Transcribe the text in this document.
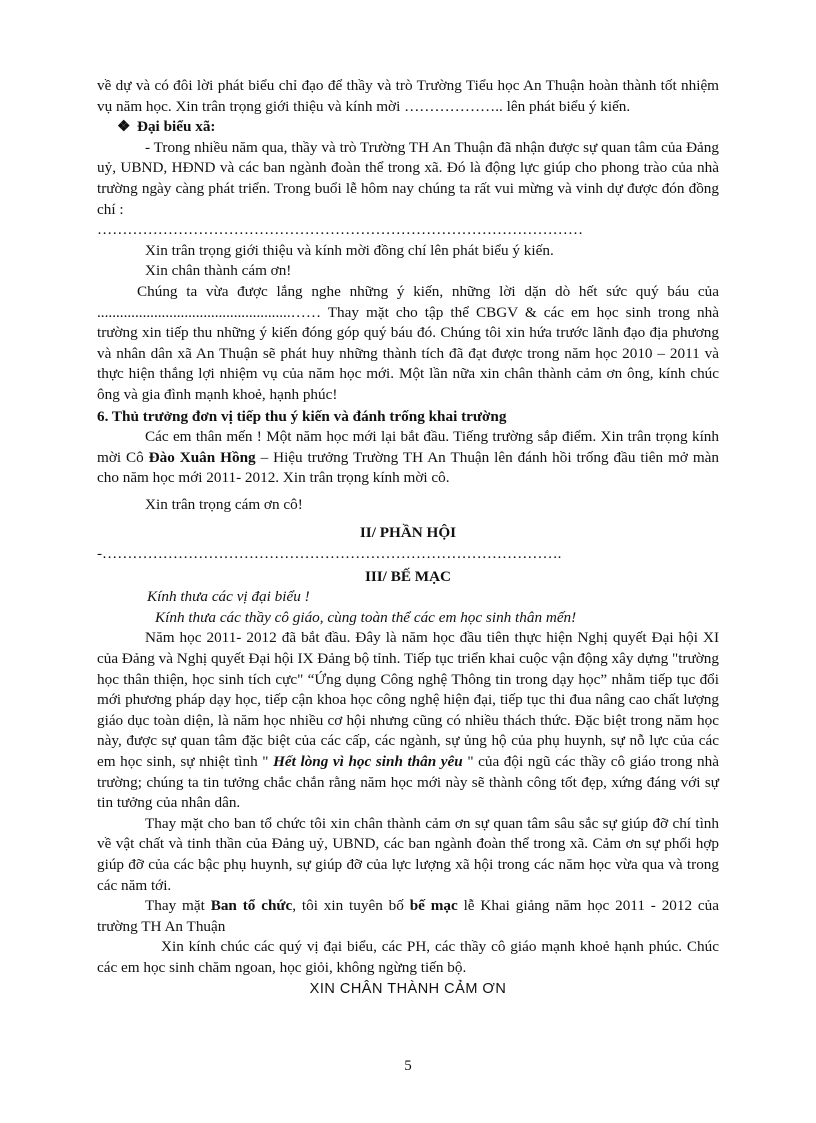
về dự và có đôi lời phát biểu chỉ đạo để thầy và trò Trường Tiểu học An Thuận hoàn thành tốt nhiệm vụ năm học. Xin trân trọng giới thiệu và kính mời ……………….. lên phát biểu ý kiến.

❖ Đại biểu xã:

- Trong nhiều năm qua, thầy và trò Trường TH An Thuận đã nhận được sự quan tâm của Đảng uỷ, UBND, HĐND và các ban ngành đoàn thể trong xã. Đó là động lực giúp cho phong trào của nhà trường ngày càng phát triển. Trong buổi lễ hôm nay chúng ta rất vui mừng và vinh dự được đón đồng chí :

……………………………………………………………………………………

Xin trân trọng giới thiệu và kính mời đồng chí lên phát biểu ý kiến.

Xin chân thành cám ơn!

Chúng ta vừa được lắng nghe những ý kiến, những lời dặn dò hết sức quý báu của ...................................................…… Thay mặt cho tập thể CBGV & các em học sinh trong nhà trường xin tiếp thu những ý kiến đóng góp quý báu đó. Chúng tôi xin hứa trước lãnh đạo địa phương và nhân dân xã An Thuận sẽ phát huy những thành tích đã đạt được trong năm học 2010 – 2011 và thực hiện thắng lợi nhiệm vụ của năm học mới. Một lần nữa xin chân thành cảm ơn ông, kính chúc ông và gia đình mạnh khoẻ, hạnh phúc!

6. Thủ trưởng đơn vị tiếp thu ý kiến và đánh trống khai trường

Các em thân mến ! Một năm học mới lại bắt đầu. Tiếng trường sắp điểm. Xin trân trọng kính mời Cô Đào Xuân Hồng – Hiệu trưởng Trường TH An Thuận lên đánh hồi trống đầu tiên mở màn cho năm học mới 2011- 2012. Xin trân trọng kính mời cô.

Xin trân trọng cám ơn cô!

II/ PHẦN HỘI

-……………………………………………………………………………….

III/ BẾ MẠC

Kính thưa các vị đại biểu !

Kính thưa các thầy cô giáo, cùng toàn thể các em học sinh thân mến!

Năm học 2011- 2012 đã bắt đầu. Đây là năm học đầu tiên thực hiện Nghị quyết Đại hội XI của Đảng và Nghị quyết Đại hội IX Đảng bộ tỉnh. Tiếp tục triển khai cuộc vận động xây dựng "trường học thân thiện, học sinh tích cực" “Ứng dụng Công nghệ Thông tin trong dạy học” nhằm tiếp tục đổi mới phương pháp dạy học, tiếp cận khoa học công nghệ hiện đại, tiếp tục thi đua nâng cao chất lượng giáo dục toàn diện, là năm học nhiều cơ hội nhưng cũng có nhiều thách thức. Đặc biệt trong năm học này, được sự quan tâm đặc biệt của các cấp, các ngành, sự ủng hộ của phụ huynh, sự nỗ lực của các em học sinh, sự nhiệt tình " Hết lòng vì học sinh thân yêu " của đội ngũ các thầy cô giáo trong nhà trường; chúng ta tin tưởng chắc chắn rằng năm học mới này sẽ thành công tốt đẹp, xứng đáng với sự tin tưởng của nhân dân.

Thay mặt cho ban tổ chức tôi xin chân thành cảm ơn sự quan tâm sâu sắc sự giúp đỡ chí tình về vật chất và tinh thần của Đảng uỷ, UBND, các ban ngành đoàn thể trong xã. Cảm ơn sự phối hợp giúp đỡ của các bậc phụ huynh, sự giúp đỡ của lực lượng xã hội trong các năm học vừa qua và trong các năm tới.

Thay mặt Ban tổ chức, tôi xin tuyên bố bế mạc lễ Khai giảng năm học 2011 - 2012 của trường TH An Thuận

Xin kính chúc các quý vị đại biểu, các PH, các thầy cô giáo mạnh khoẻ hạnh phúc. Chúc các em học sinh chăm ngoan, học giỏi, không ngừng tiến bộ.

XIN CHÂN THÀNH CẢM ƠN

5
